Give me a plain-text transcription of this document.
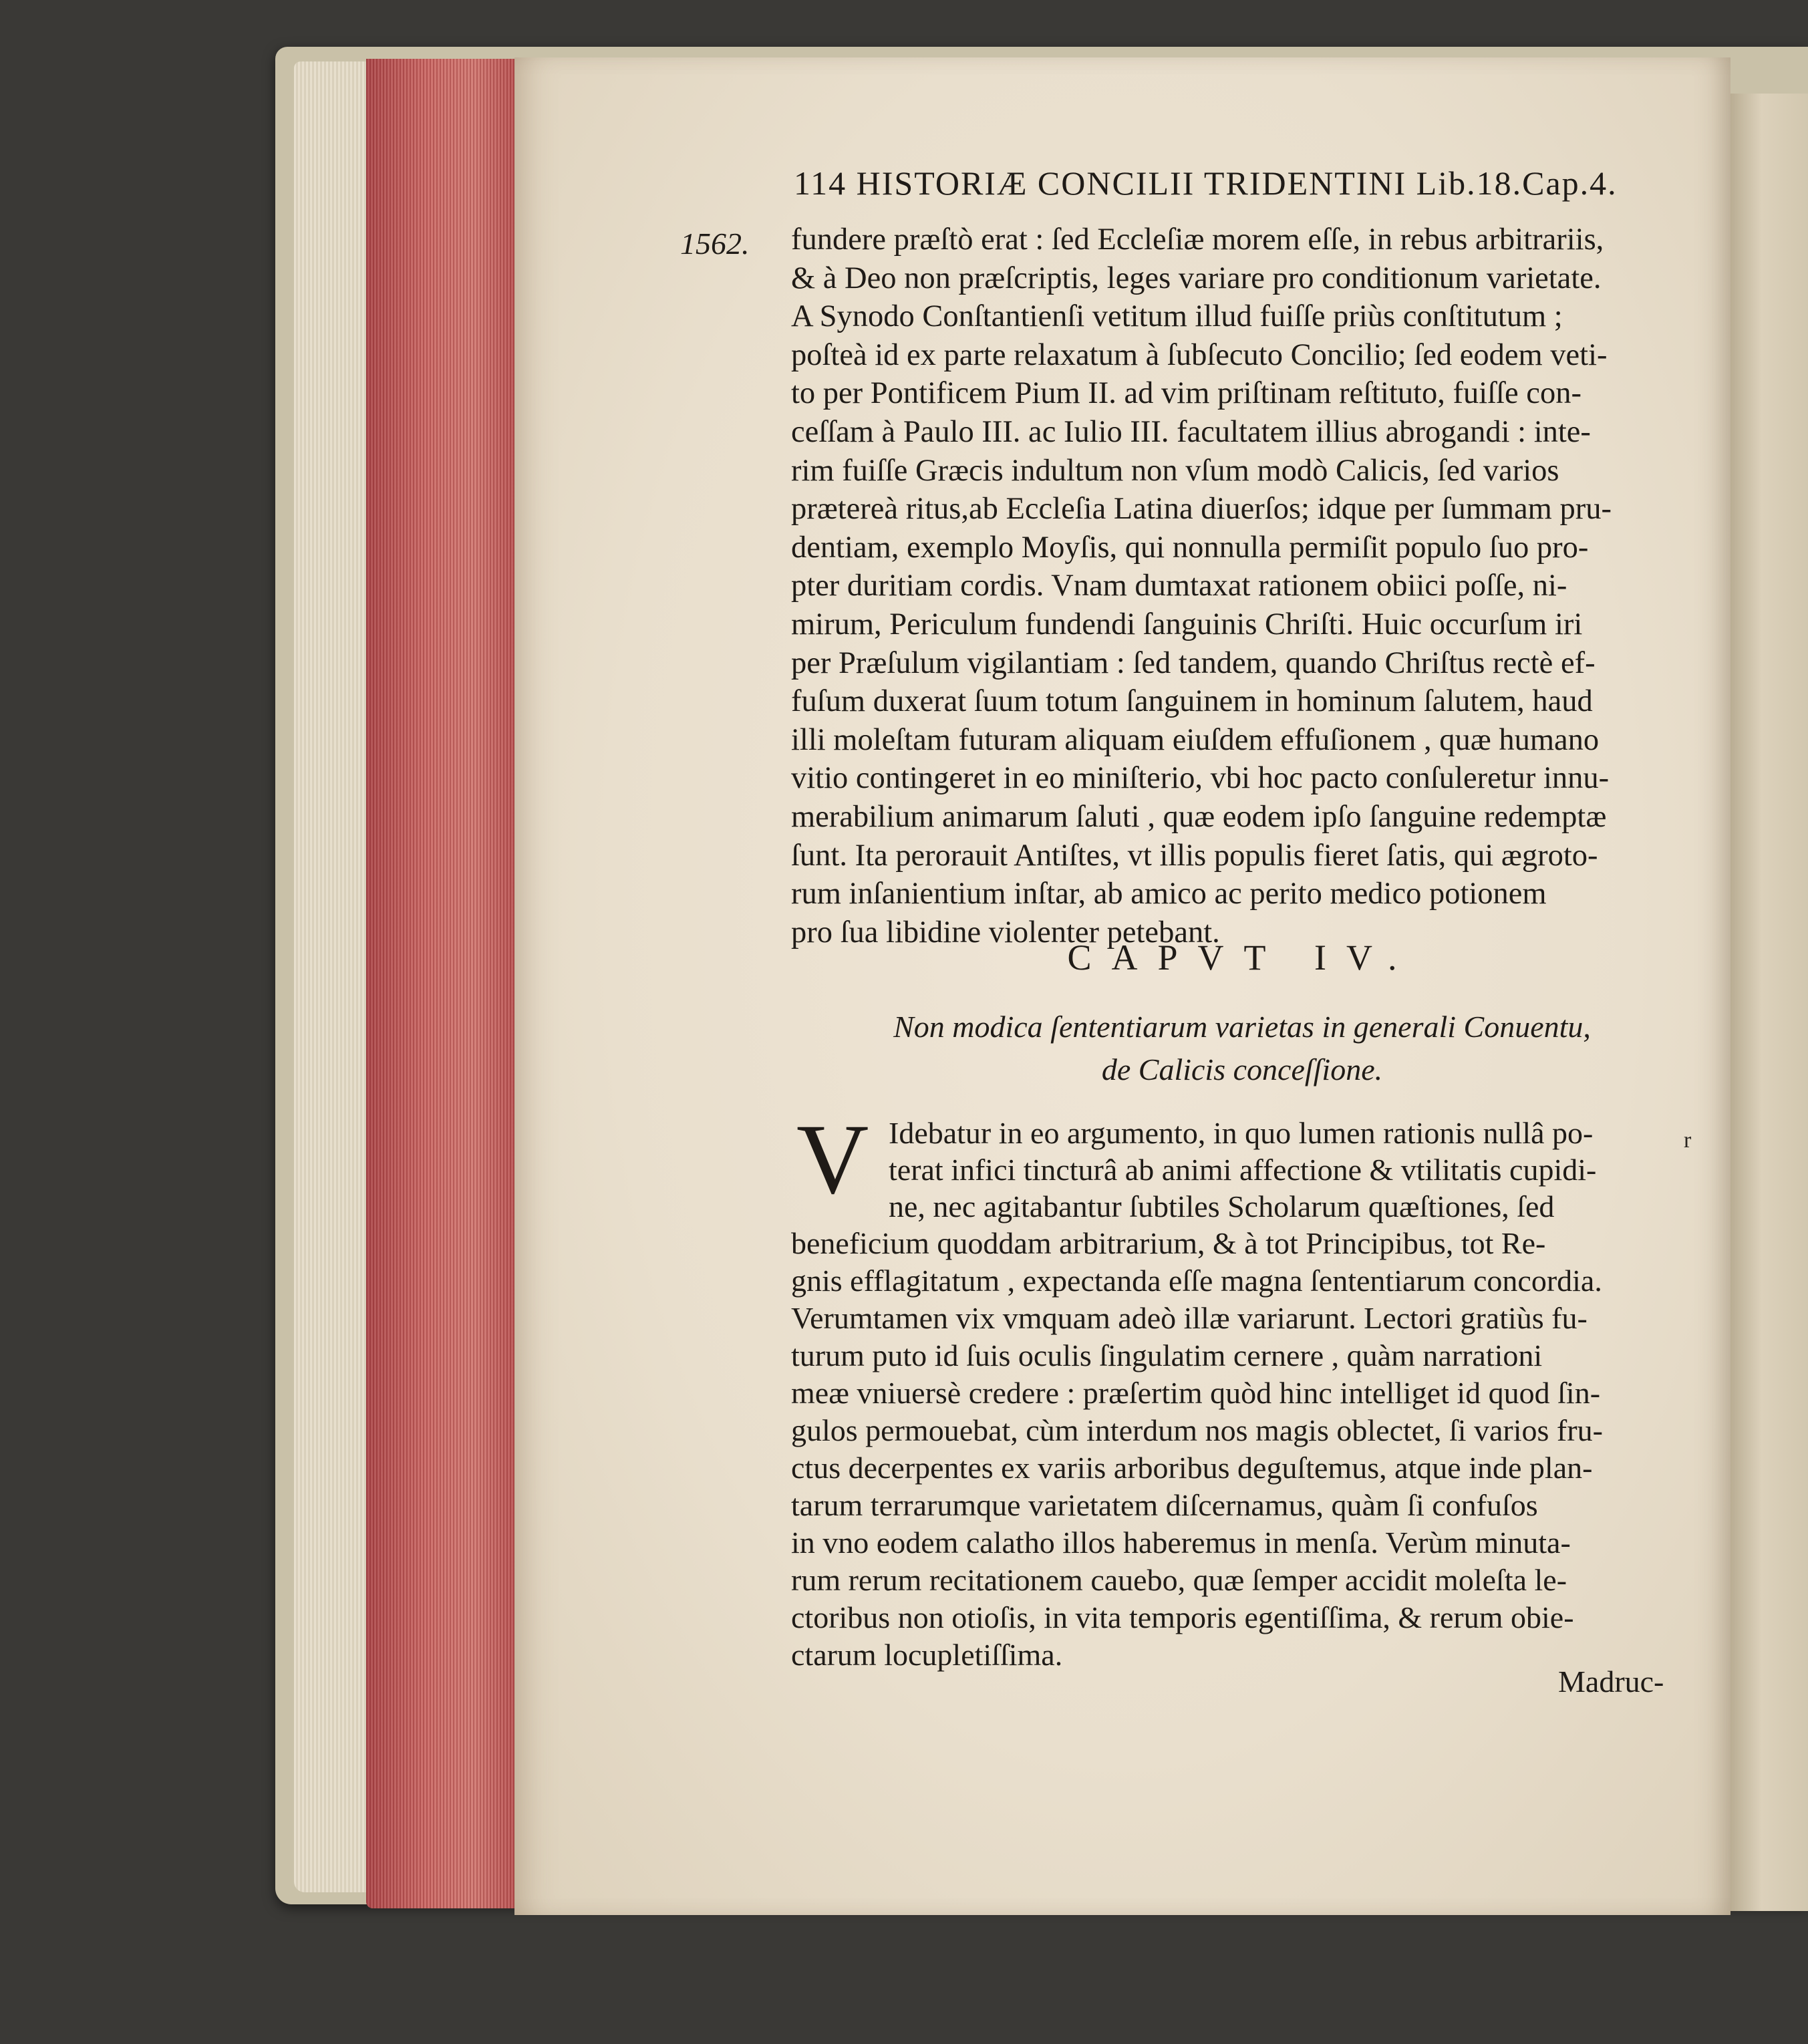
114 HISTORIÆ CONCILII TRIDENTINI Lib.18.Cap.4.
1562. fundere præſtò erat : ſed Eccleſiæ morem eſſe, in rebus arbitrariis,
& à Deo non præſcriptis, leges variare pro conditionum varietate.
A Synodo Conſtantienſi vetitum illud fuiſſe priùs conſtitutum ;
poſteà id ex parte relaxatum à ſubſecuto Concilio; ſed eodem veti-
to per Pontificem Pium II. ad vim priſtinam reſtituto, fuiſſe con-
ceſſam à Paulo III. ac Iulio III. facultatem illius abrogandi : inte-
rim fuiſſe Græcis indultum non vſum modò Calicis, ſed varios
prætereà ritus,ab Eccleſia Latina diuerſos; idque per ſummam pru-
dentiam, exemplo Moyſis, qui nonnulla permiſit populo ſuo pro-
pter duritiam cordis. Vnam dumtaxat rationem obiici poſſe, ni-
mirum, Periculum fundendi ſanguinis Chriſti. Huic occurſum iri
per Præſulum vigilantiam : ſed tandem, quando Chriſtus rectè ef-
fuſum duxerat ſuum totum ſanguinem in hominum ſalutem, haud
illi moleſtam futuram aliquam eiuſdem effuſionem , quæ humano
vitio contingeret in eo miniſterio, vbi hoc pacto conſuleretur innu-
merabilium animarum ſaluti , quæ eodem ipſo ſanguine redemptæ
ſunt. Ita perorauit Antiſtes, vt illis populis fieret ſatis, qui ægroto-
rum inſanientium inſtar, ab amico ac perito medico potionem
pro ſua libidine violenter petebant.
CAPVT IV.
Non modica ſententiarum varietas in generali Conuentu,
de Calicis conceſſione.
V Idebatur in eo argumento, in quo lumen rationis nullâ po-
terat infici tincturâ ab animi affectione & vtilitatis cupidi-
ne, nec agitabantur ſubtiles Scholarum quæſtiones, ſed
beneficium quoddam arbitrarium, & à tot Principibus, tot Re-
gnis efflagitatum , expectanda eſſe magna ſententiarum concordia.
Verumtamen vix vmquam adeò illæ variarunt. Lectori gratiùs fu-
turum puto id ſuis oculis ſingulatim cernere , quàm narrationi
meæ vniuersè credere : præſertim quòd hinc intelliget id quod ſin-
gulos permouebat, cùm interdum nos magis oblectet, ſi varios fru-
ctus decerpentes ex variis arboribus deguſtemus, atque inde plan-
tarum terrarumque varietatem diſcernamus, quàm ſi confuſos
in vno eodem calatho illos haberemus in menſa. Verùm minuta-
rum rerum recitationem cauebo, quæ ſemper accidit moleſta le-
ctoribus non otioſis, in vita temporis egentiſſima, & rerum obie-
ctarum locupletiſſima.
Madruc-
r
